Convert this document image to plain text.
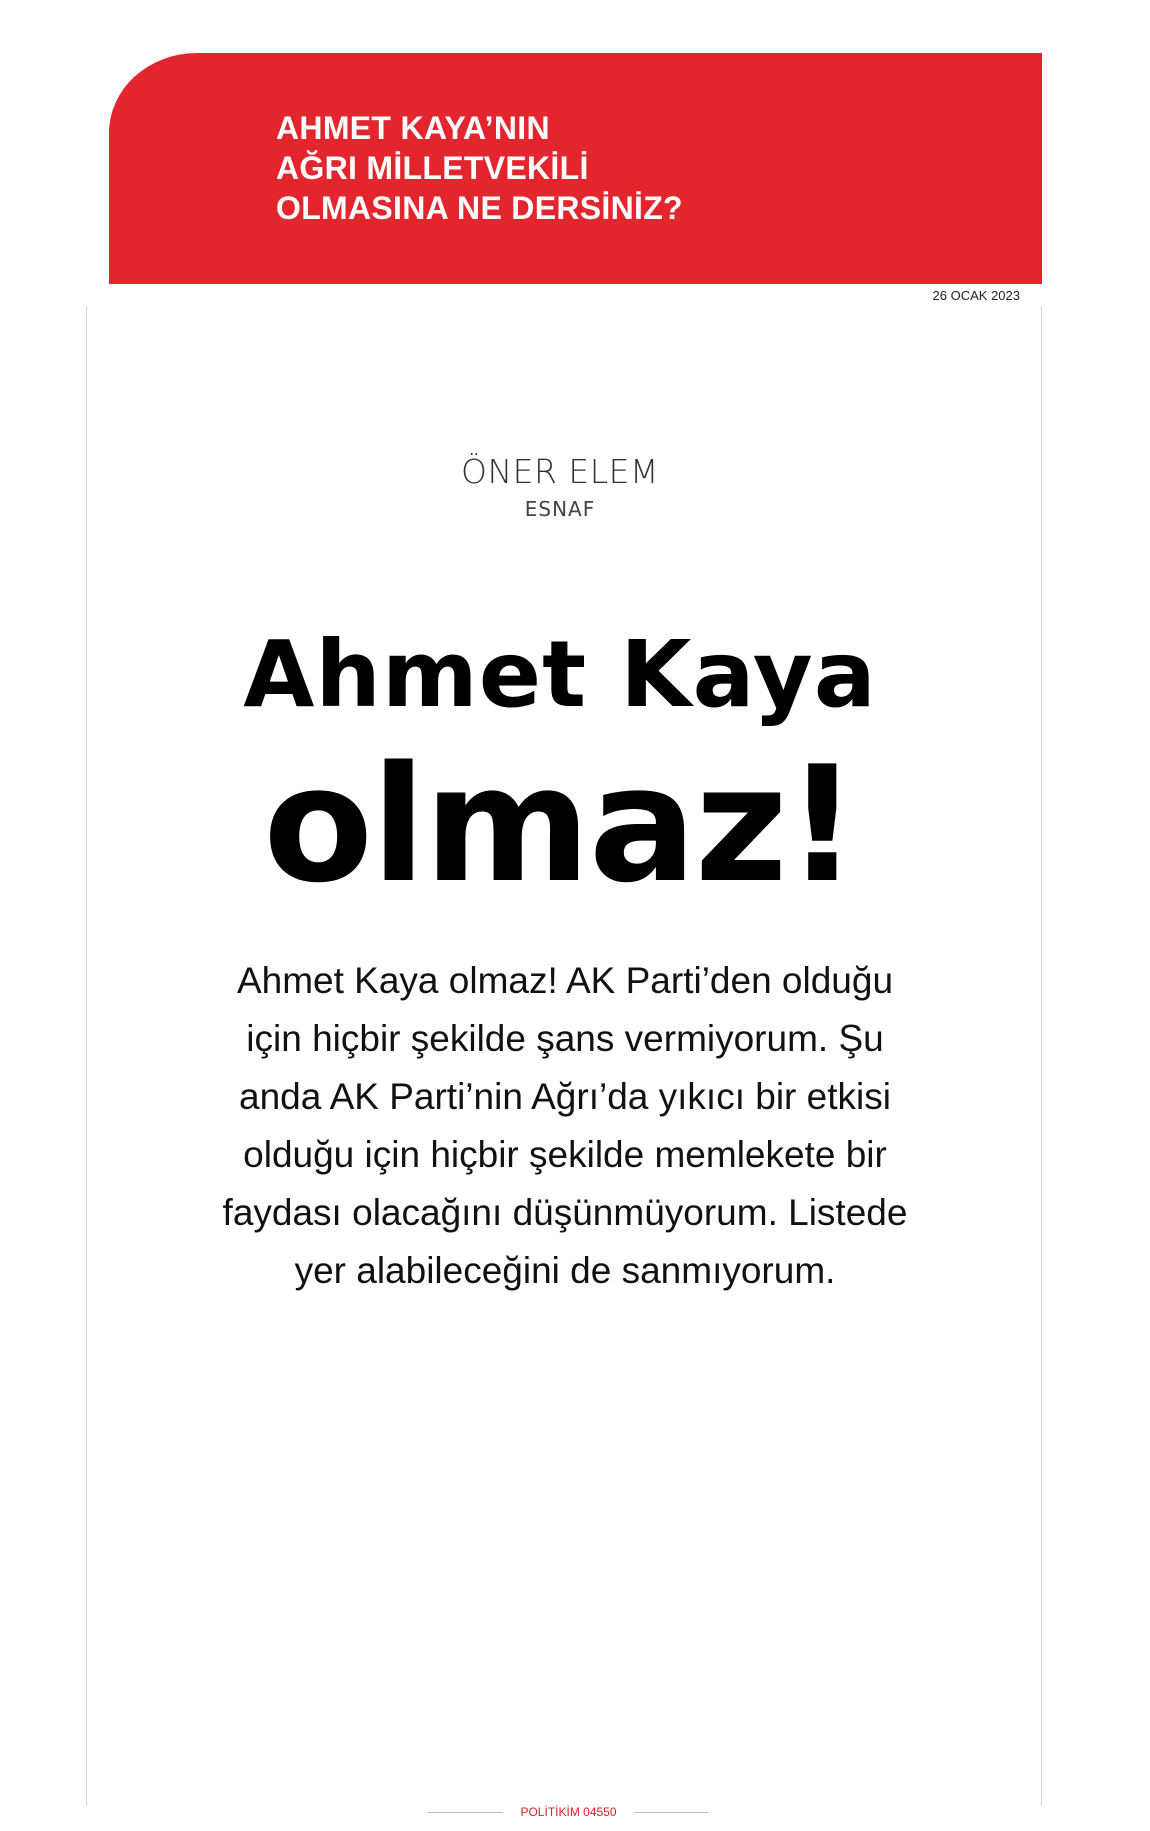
AHMET KAYA’NIN
AĞRI MİLLETVEKİLİ
OLMASINA NE DERSİNİZ?
26 OCAK 2023
ÖNER ELEM
ESNAF
Ahmet Kaya
olmaz!

Ahmet Kaya olmaz! AK Parti’den olduğu
için hiçbir şekilde şans vermiyorum. Şu
anda AK Parti’nin Ağrı’da yıkıcı bir etkisi
olduğu için hiçbir şekilde memlekete bir
faydası olacağını düşünmüyorum. Listede
yer alabileceğini de sanmıyorum.

POLİTİKİM 04550
